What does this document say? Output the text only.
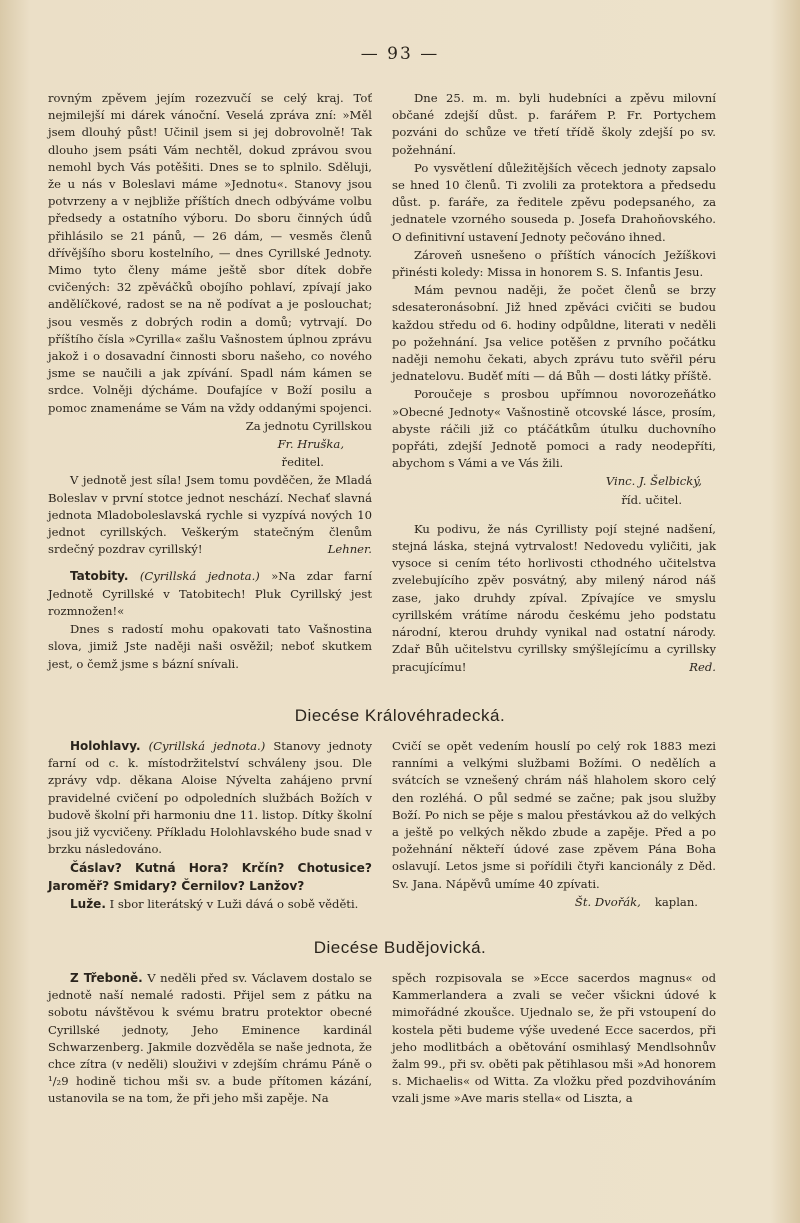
— 93 —

rovným zpěvem jejím rozezvučí se celý kraj. Toť nejmilejší mi dárek vánoční. Veselá zpráva zní: »Měl jsem dlouhý půst! Učinil jsem si jej dobrovolně! Tak dlouho jsem psáti Vám nechtěl, dokud zprávou svou nemohl bych Vás potěšiti. Dnes se to splnilo. Sděluji, že u nás v Boleslavi máme »Jednotu«. Stanovy jsou potvrzeny a v nejbliže příštích dnech odbýváme volbu předsedy a ostatního výboru. Do sboru činných údů přihlásilo se 21 pánů, — 26 dám, — vesměs členů dřívějšího sboru kostelního, — dnes Cyrillské Jednoty. Mimo tyto členy máme ještě sbor dítek dobře cvičených: 32 zpěváčků obojího pohlaví, zpívají jako andělíčkové, radost se na ně podívat a je poslouchat; jsou vesměs z dobrých rodin a domů; vytrvají. Do příštího čísla »Cyrilla« zašlu Vašnostem úplnou zprávu jakož i o dosavadní činnosti sboru našeho, co nového jsme se naučili a jak zpívání. Spadl nám kámen se srdce. Volněji dýcháme. Doufajíce v Boží posilu a pomoc znamenáme se Vám na vždy oddanými spojenci.

Za jednotu Cyrillskou

Fr. Hruška,

ředitel.

V jednotě jest síla! Jsem tomu povděčen, že Mladá Boleslav v první stotce jednot neschází. Nechať slavná jednota Mladoboleslavská rychle si vyzpívá nových 10 jednot cyrillských. Veškerým statečným členům srdečný pozdrav cyrillský!	Lehner.

Tatobity. (Cyrillská jednota.) »Na zdar farní Jednotě Cyrillské v Tatobitech! Pluk Cyrillský jest rozmnožen!«

Dnes s radostí mohu opakovati tato Vašnostina slova, jimiž Jste naději naši osvěžil; neboť skutkem jest, o čemž jsme s bázní snívali.

Dne 25. m. m. byli hudebníci a zpěvu milovní občané zdejší důst. p. farářem P. Fr. Portychem pozváni do schůze ve třetí třídě školy zdejší po sv. požehnání.

Po vysvětlení důležitějších věcech jednoty zapsalo se hned 10 členů. Ti zvolili za protektora a předsedu důst. p. faráře, za ředitele zpěvu podepsaného, za jednatele vzorného souseda p. Josefa Drahoňovského. O definitivní ustavení Jednoty pečováno ihned.

Zároveň usnešeno o příštích vánocích Ježíškovi přinésti koledy: Missa in honorem S. S. Infantis Jesu.

Mám pevnou naději, že počet členů se brzy sdesateronásobní. Již hned zpěváci cvičiti se budou každou středu od 6. hodiny odpůldne, literati v neděli po požehnání. Jsa velice potěšen z prvního počátku naději nemohu čekati, abych zprávu tuto svěřil péru jednatelovu. Buděť míti — dá Bůh — dosti látky příště.

Poroučeje s prosbou upřímnou novorozeňátko »Obecné Jednoty« Vašnostině otcovské lásce, prosím, abyste ráčili již co ptáčátkům útulku duchovního popřáti, zdejší Jednotě pomoci a rady neodepříti, abychom s Vámi a ve Vás žili.

Vinc. J. Šelbický,

říd. učitel.

Ku podivu, že nás Cyrillisty pojí stejné nadšení, stejná láska, stejná vytrvalost! Nedovedu vyličiti, jak vysoce si cením této horlivosti cthodného učitelstva zvelebujícího zpěv posvátný, aby milený národ náš zase, jako druhdy zpíval. Zpívajíce ve smyslu cyrillském vrátíme národu českému jeho podstatu národní, kterou druhdy vynikal nad ostatní národy. Zdař Bůh učitelstvu cyrillsky smýšlejícímu a cyrillsky pracujícímu!	Red.

Diecése Královéhradecká.

Holohlavy. (Cyrillská jednota.) Stanovy jednoty farní od c. k. místodržitelství schváleny jsou. Dle zprávy vdp. děkana Aloise Nývelta zahájeno první pravidelné cvičení po odpoledních službách Božích v budově školní při harmoniu dne 11. listop. Dítky školní jsou již vycvičeny. Příkladu Holohlavského bude snad v brzku následováno.

Čáslav? Kutná Hora? Krčín? Chotusice? Jaroměř? Smidary? Černilov? Lanžov?

Luže. I sbor literátský v Luži dává o sobě věděti.

Cvičí se opět vedením houslí po celý rok 1883 mezi ranními a velkými službami Božími. O nedělích a svátcích se vznešený chrám náš hlaholem skoro celý den rozléhá. O půl sedmé se začne; pak jsou služby Boží. Po nich se pěje s malou přestávkou až do velkých a ještě po velkých někdo zbude a zapěje. Před a po požehnání někteří údové zase zpěvem Pána Boha oslavují. Letos jsme si pořídili čtyři kancionály z Děd. Sv. Jana. Nápěvů umíme 40 zpívati.

Št. Dvořák, kaplan.

Diecése Budějovická.

Z Třeboně. V neděli před sv. Václavem dostalo se jednotě naší nemalé radosti. Přijel sem z pátku na sobotu návštěvou k svému bratru protektor obecné Cyrillské jednoty, Jeho Eminence kardinál Schwarzenberg. Jakmile dozvěděla se naše jednota, že chce zítra (v neděli) slouživi v zdejším chrámu Páně o ¹/₂9 hodině tichou mši sv. a bude přítomen kázání, ustanovila se na tom, že při jeho mši zapěje. Na

spěch rozpisovala se »Ecce sacerdos magnus« od Kammerlandera a zvali se večer všickni údové k mimořádné zkoušce. Ujednalo se, že při vstoupení do kostela pěti budeme výše uvedené Ecce sacerdos, při jeho modlitbách a obětování osmihlasý Mendlsohnův žalm 99., při sv. oběti pak pětihlasou mši »Ad honorem s. Michaelis« od Witta. Za vložku před pozdvihováním vzali jsme »Ave maris stella« od Liszta, a
